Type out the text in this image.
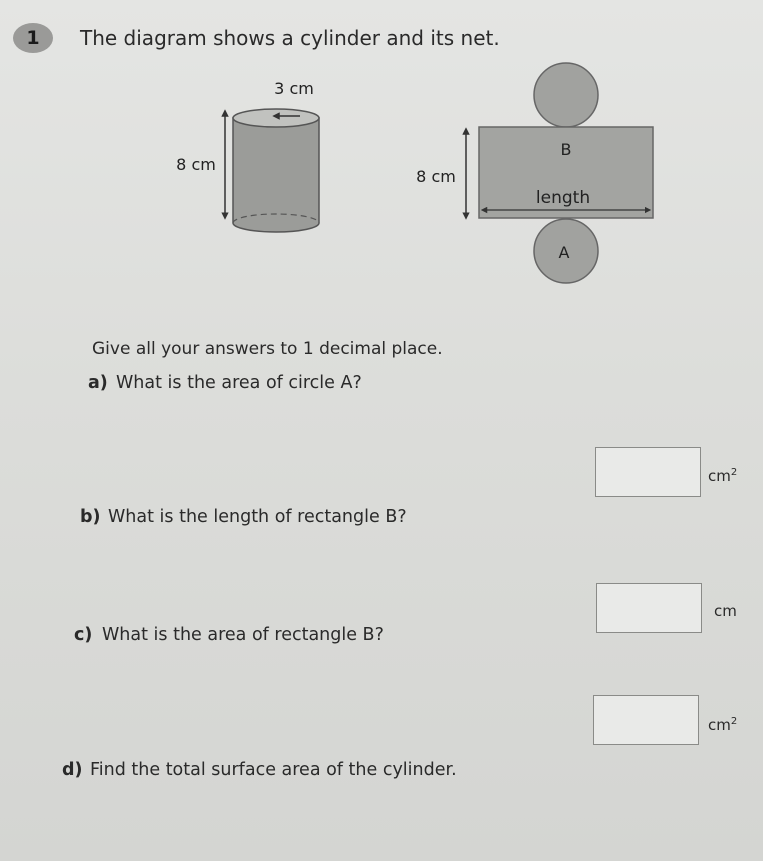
1	The diagram shows a cylinder and its net.
3 cm
8 cm
8 cm
B
length
A
Give all your answers to 1 decimal place.
a) What is the area of circle A?
$cm^2$
b) What is the length of rectangle B?
cm
c) What is the area of rectangle B?
$cm^2$
d) Find the total surface area of the cylinder.
